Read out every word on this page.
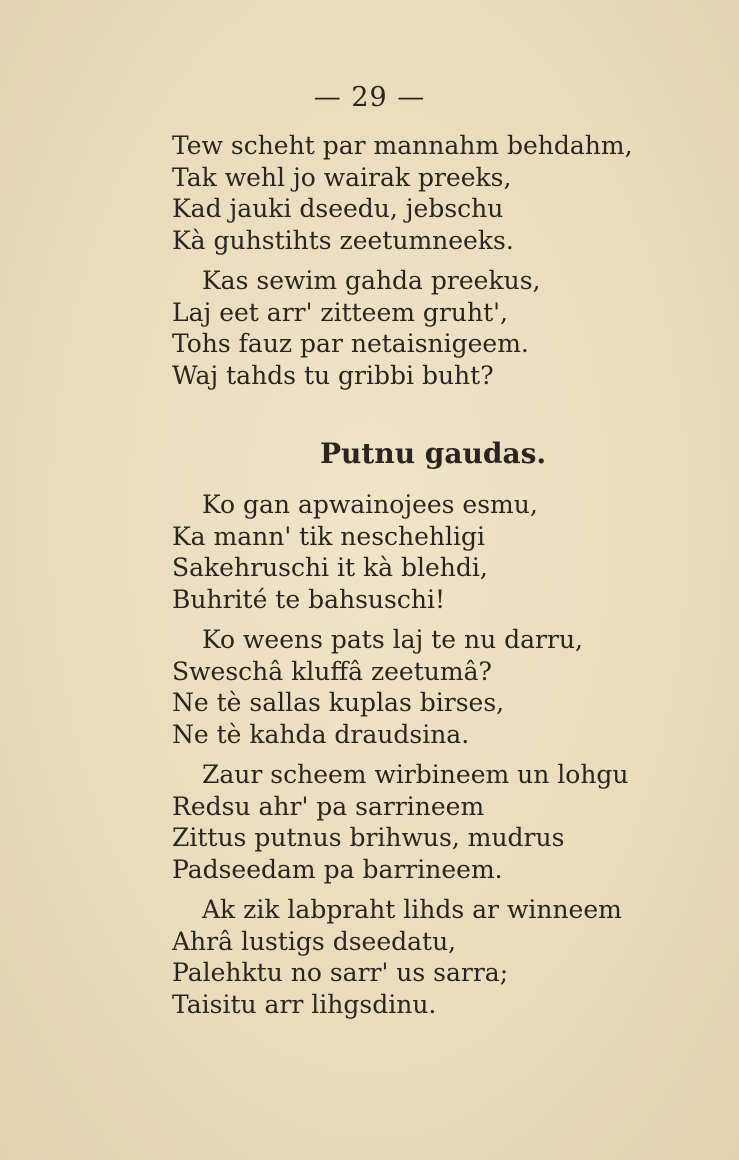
— 29 —
Tew scheht par mannahm behdahm,
Tak wehl jo wairak preeks,
Kad jauki dseedu, jebschu
Kà guhstihts zeetumneeks.
Kas sewim gahda preekus,
Laj eet arr' zitteem gruht',
Tohs fauz par netaisnigeem.
Waj tahds tu gribbi buht?
Putnu gaudas.
Ko gan apwainojees esmu,
Ka mann' tik neschehligi
Sakehruschi it kà blehdi,
Buhrité te bahsuschi!
Ko weens pats laj te nu darru,
Sweschâ kluffâ zeetumâ?
Ne tè sallas kuplas birses,
Ne tè kahda draudsina.
Zaur scheem wirbineem un lohgu
Redsu ahr' pa sarrineem
Zittus putnus brihwus, mudrus
Padseedam pa barrineem.
Ak zik labpraht lihds ar winneem
Ahrâ lustigs dseedatu,
Palehktu no sarr' us sarra;
Taisitu arr lihgsdinu.
